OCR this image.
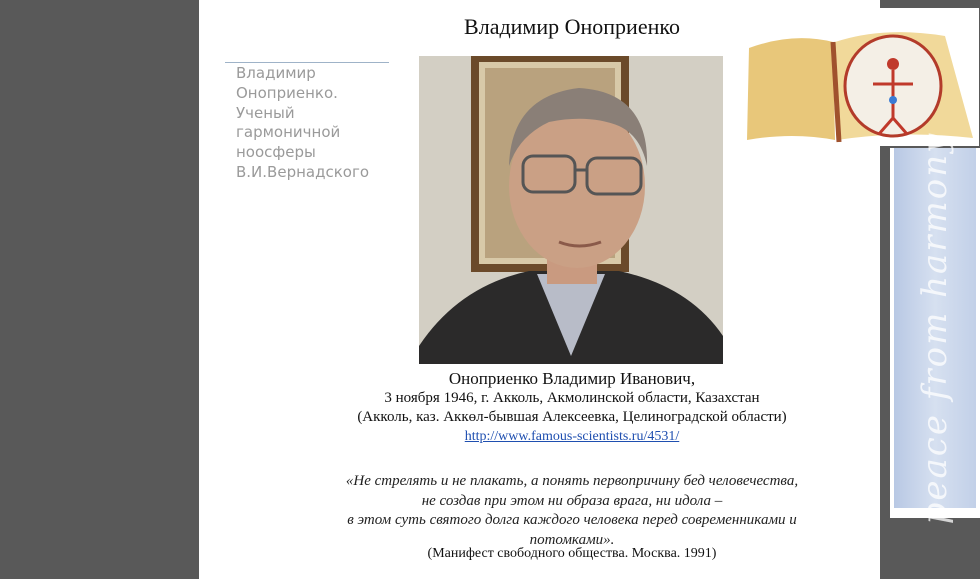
Владимир Оноприенко
Владимир Оноприенко. Ученый гармоничной ноосферы В.И.Вернадского
Оноприенко Владимир Иванович,
3 ноября 1946, г. Акколь, Акмолинской области, Казахстан
(Акколь, каз. Аккөл-бывшая Алексеевка, Целиноградской области)
http://www.famous-scientists.ru/4531/
«Не стрелять и не плакать, а понять первопричину бед человечества,
не создав при этом ни образа врага, ни идола –
в этом суть святого долга каждого человека перед современниками и потомками».
(Манифест свободного общества. Москва. 1991)
peace from harmony
